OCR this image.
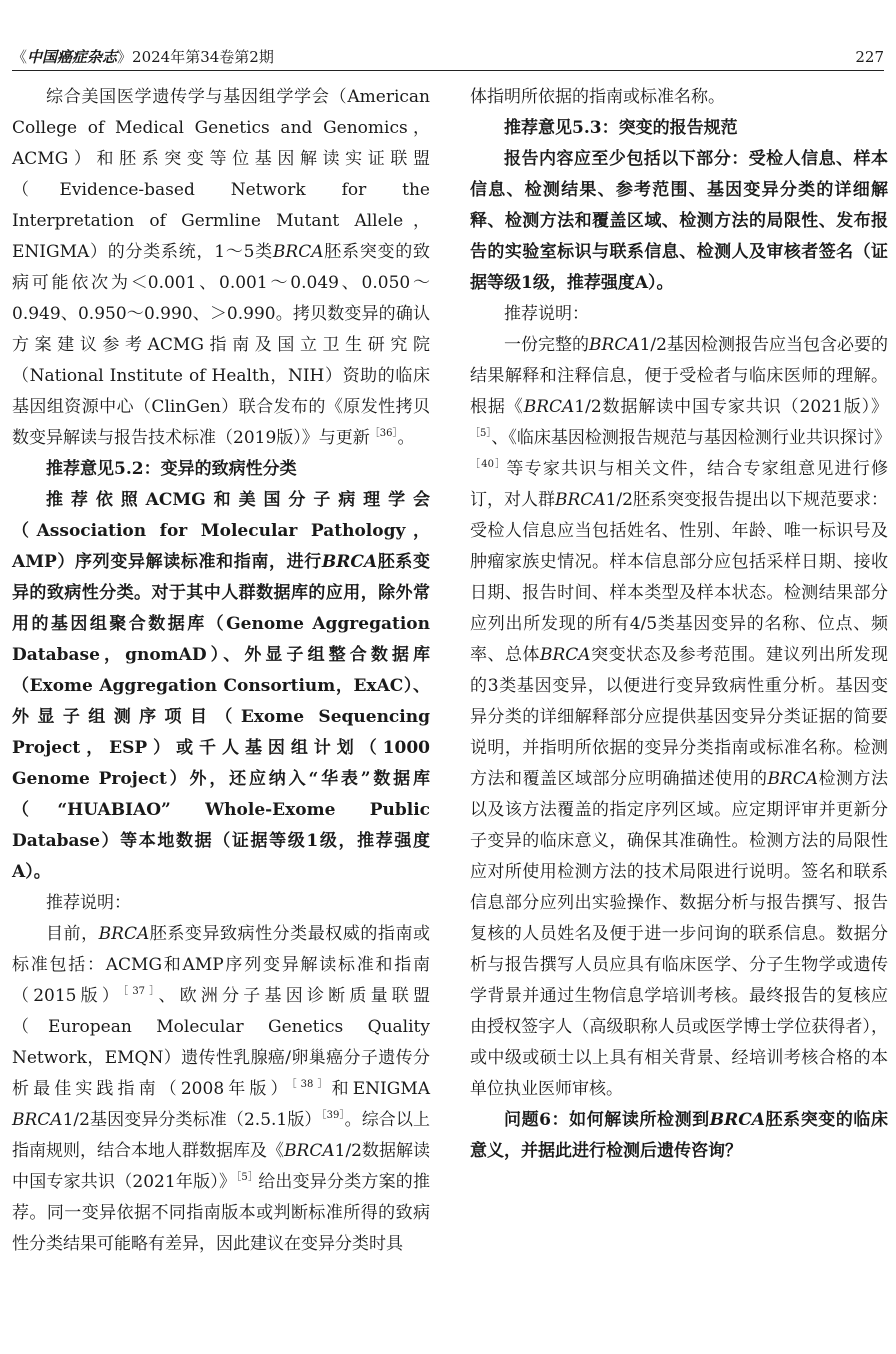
《中国癌症杂志》2024年第34卷第2期	227

综合美国医学遗传学与基因组学学会（American College of Medical Genetics and Genomics，ACMG）和胚系突变等位基因解读实证联盟（Evidence-based Network for the Interpretation of Germline Mutant Allele，ENIGMA）的分类系统，1～5类BRCA胚系突变的致病可能依次为＜0.001、0.001～0.049、0.050～0.949、0.950～0.990、＞0.990。拷贝数变异的确认方案建议参考ACMG指南及国立卫生研究院（National Institute of Health，NIH）资助的临床基因组资源中心（ClinGen）联合发布的《原发性拷贝数变异解读与报告技术标准（2019版）》与更新$^{[36]}$。

推荐意见5.2：变异的致病性分类

推荐依照ACMG和美国分子病理学会（Association for Molecular Pathology，AMP）序列变异解读标准和指南，进行BRCA胚系变异的致病性分类。对于其中人群数据库的应用，除外常用的基因组聚合数据库（Genome Aggregation Database，gnomAD）、外显子组整合数据库（Exome Aggregation Consortium，ExAC）、外显子组测序项目（Exome Sequencing Project，ESP）或千人基因组计划（1000 Genome Project）外，还应纳入“华表”数据库（“HUABIAO” Whole-Exome Public Database）等本地数据（证据等级1级，推荐强度A）。

推荐说明：

目前，BRCA胚系变异致病性分类最权威的指南或标准包括：ACMG和AMP序列变异解读标准和指南（2015版）$^{[37]}$、欧洲分子基因诊断质量联盟（European Molecular Genetics Quality Network，EMQN）遗传性乳腺癌/卵巢癌分子遗传分析最佳实践指南（2008年版）$^{[38]}$和ENIGMA BRCA1/2基因变异分类标准（2.5.1版）$^{[39]}$。综合以上指南规则，结合本地人群数据库及《BRCA1/2数据解读中国专家共识（2021年版）》$^{[5]}$给出变异分类方案的推荐。同一变异依据不同指南版本或判断标准所得的致病性分类结果可能略有差异，因此建议在变异分类时具

体指明所依据的指南或标准名称。

推荐意见5.3：突变的报告规范

报告内容应至少包括以下部分：受检人信息、样本信息、检测结果、参考范围、基因变异分类的详细解释、检测方法和覆盖区域、检测方法的局限性、发布报告的实验室标识与联系信息、检测人及审核者签名（证据等级1级，推荐强度A）。

推荐说明：

一份完整的BRCA1/2基因检测报告应当包含必要的结果解释和注释信息，便于受检者与临床医师的理解。根据《BRCA1/2数据解读中国专家共识（2021版）》$^{[5]}$、《临床基因检测报告规范与基因检测行业共识探讨》$^{[40]}$等专家共识与相关文件，结合专家组意见进行修订，对人群BRCA1/2胚系突变报告提出以下规范要求：受检人信息应当包括姓名、性别、年龄、唯一标识号及肿瘤家族史情况。样本信息部分应包括采样日期、接收日期、报告时间、样本类型及样本状态。检测结果部分应列出所发现的所有4/5类基因变异的名称、位点、频率、总体BRCA突变状态及参考范围。建议列出所发现的3类基因变异，以便进行变异致病性重分析。基因变异分类的详细解释部分应提供基因变异分类证据的简要说明，并指明所依据的变异分类指南或标准名称。检测方法和覆盖区域部分应明确描述使用的BRCA检测方法以及该方法覆盖的指定序列区域。应定期评审并更新分子变异的临床意义，确保其准确性。检测方法的局限性应对所使用检测方法的技术局限进行说明。签名和联系信息部分应列出实验操作、数据分析与报告撰写、报告复核的人员姓名及便于进一步问询的联系信息。数据分析与报告撰写人员应具有临床医学、分子生物学或遗传学背景并通过生物信息学培训考核。最终报告的复核应由授权签字人（高级职称人员或医学博士学位获得者），或中级或硕士以上具有相关背景、经培训考核合格的本单位执业医师审核。

问题6：如何解读所检测到BRCA胚系突变的临床意义，并据此进行检测后遗传咨询？
